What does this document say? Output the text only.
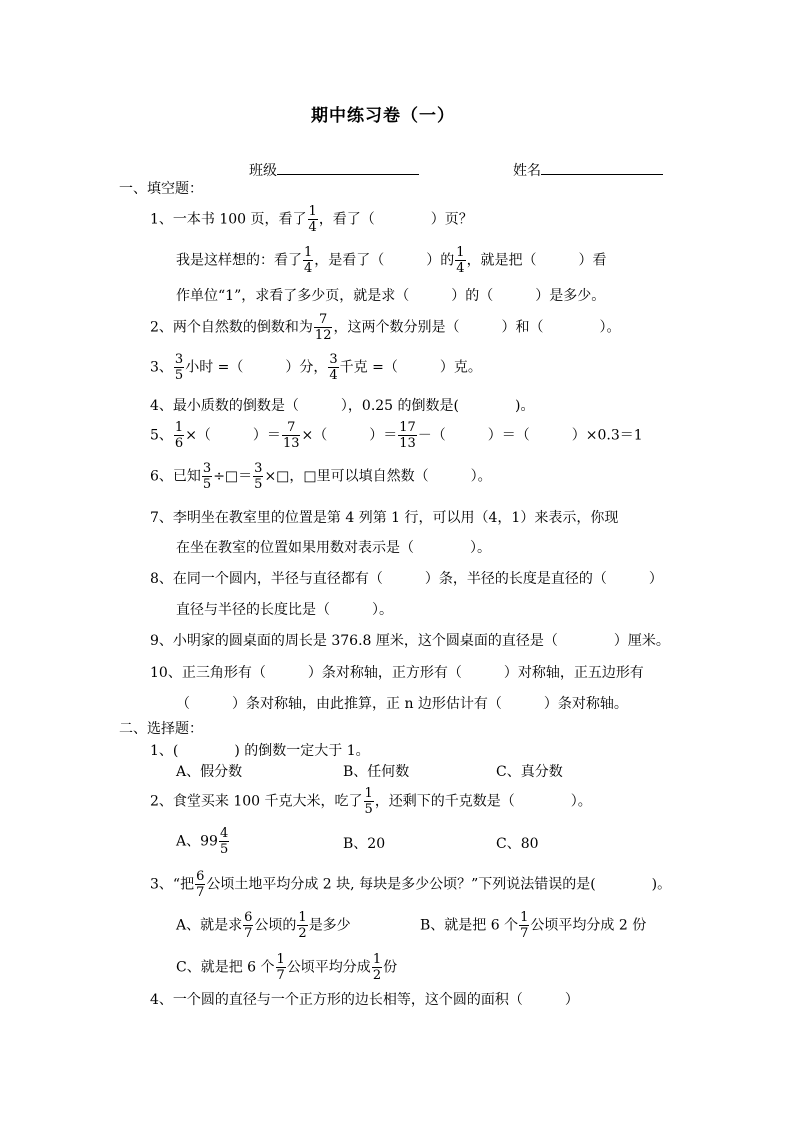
期中练习卷（一）
班级	姓名
一、填空题：
1、一本书 100 页，看了 $\frac{1}{4}$ ，看了（　　　　）页？
我是这样想的：看了 $\frac{1}{4}$ ，是看了（　　　）的 $\frac{1}{4}$ ，就是把（　　　）看
作单位“1”，求看了多少页，就是求（　　　）的（　　　）是多少。
2、两个自然数的倒数和为 $\frac{7}{12}$ ，这两个数分别是（　　　）和（　　　　）。
3、 $\frac{3}{5}$ 小时 =（　　　）分， $\frac{3}{4}$ 千克 =（　　　）克。
4、最小质数的倒数是（　　　），0.25 的倒数是(　　　　)。
5、 $\frac{1}{6}$ ×（　　　）＝ $\frac{7}{13}$ ×（　　　）＝ $\frac{17}{13}$ －（　　　）＝（　　　）×0.3＝1
6、已知 $\frac{3}{5}$ ÷□＝ $\frac{3}{5}$ ×□，□里可以填自然数（　　　）。
7、李明坐在教室里的位置是第 4 列第 1 行，可以用（4，1）来表示，你现
在坐在教室的位置如果用数对表示是（　　　　）。
8、在同一个圆内，半径与直径都有（　　　）条，半径的长度是直径的（　　　）
直径与半径的长度比是（　　　）。
9、小明家的圆桌面的周长是 376.8 厘米，这个圆桌面的直径是（　　　　）厘米。
10、正三角形有（　　　）条对称轴，正方形有（　　　）对称轴，正五边形有
（　　　）条对称轴，由此推算，正 n 边形估计有（　　　）条对称轴。
二、选择题：
1、(　　　　) 的倒数一定大于 1。
A、假分数	B、任何数	C、真分数
2、食堂买来 100 千克大米，吃了 $\frac{1}{5}$ ，还剩下的千克数是（　　　　）。
A、$99 \frac{4}{5}$	B、20	C、80
3、“把 $\frac{6}{7}$ 公顷土地平均分成 2 块, 每块是多少公顷？”下列说法错误的是(　　　　)。
A、就是求 $\frac{6}{7}$ 公顷的 $\frac{1}{2}$ 是多少	B、就是把 6 个 $\frac{1}{7}$ 公顷平均分成 2 份
C、就是把 6 个 $\frac{1}{7}$ 公顷平均分成 $\frac{1}{2}$ 份
4、一个圆的直径与一个正方形的边长相等，这个圆的面积（　　　）
